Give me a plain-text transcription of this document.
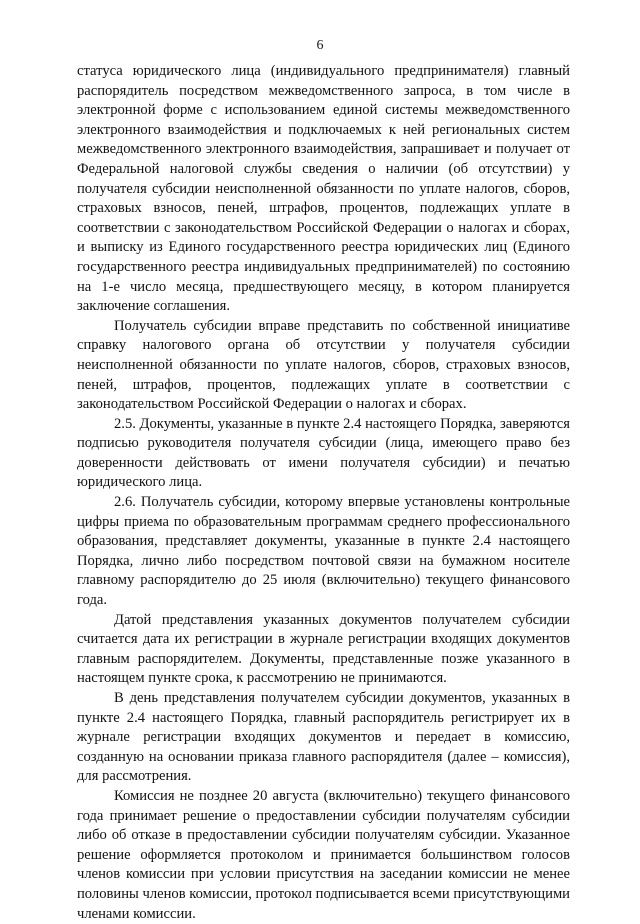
6

статуса юридического лица (индивидуального предпринимателя) главный распорядитель посредством межведомственного запроса, в том числе в электронной форме с использованием единой системы межведомственного электронного взаимодействия и подключаемых к ней региональных систем межведомственного электронного взаимодействия, запрашивает и получает от Федеральной налоговой службы сведения о наличии (об отсутствии) у получателя субсидии неисполненной обязанности по уплате налогов, сборов, страховых взносов, пеней, штрафов, процентов, подлежащих уплате в соответствии с законодательством Российской Федерации о налогах и сборах, и выписку из Единого государственного реестра юридических лиц (Единого государственного реестра индивидуальных предпринимателей) по состоянию на 1-е число месяца, предшествующего месяцу, в котором планируется заключение соглашения.

Получатель субсидии вправе представить по собственной инициативе справку налогового органа об отсутствии у получателя субсидии неисполненной обязанности по уплате налогов, сборов, страховых взносов, пеней, штрафов, процентов, подлежащих уплате в соответствии с законодательством Российской Федерации о налогах и сборах.

2.5. Документы, указанные в пункте 2.4 настоящего Порядка, заверяются подписью руководителя получателя субсидии (лица, имеющего право без доверенности действовать от имени получателя субсидии) и печатью юридического лица.

2.6. Получатель субсидии, которому впервые установлены контрольные цифры приема по образовательным программам среднего профессионального образования, представляет документы, указанные в пункте 2.4 настоящего Порядка, лично либо посредством почтовой связи на бумажном носителе главному распорядителю до 25 июля (включительно) текущего финансового года.

Датой представления указанных документов получателем субсидии считается дата их регистрации в журнале регистрации входящих документов главным распорядителем. Документы, представленные позже указанного в настоящем пункте срока, к рассмотрению не принимаются.

В день представления получателем субсидии документов, указанных в пункте 2.4 настоящего Порядка, главный распорядитель регистрирует их в журнале регистрации входящих документов и передает в комиссию, созданную на основании приказа главного распорядителя (далее – комиссия), для рассмотрения.

Комиссия не позднее 20 августа (включительно) текущего финансового года принимает решение о предоставлении субсидии получателям субсидии либо об отказе в предоставлении субсидии получателям субсидии. Указанное решение оформляется протоколом и принимается большинством голосов членов комиссии при условии присутствия на заседании комиссии не менее половины членов комиссии, протокол подписывается всеми присутствующими членами комиссии.
